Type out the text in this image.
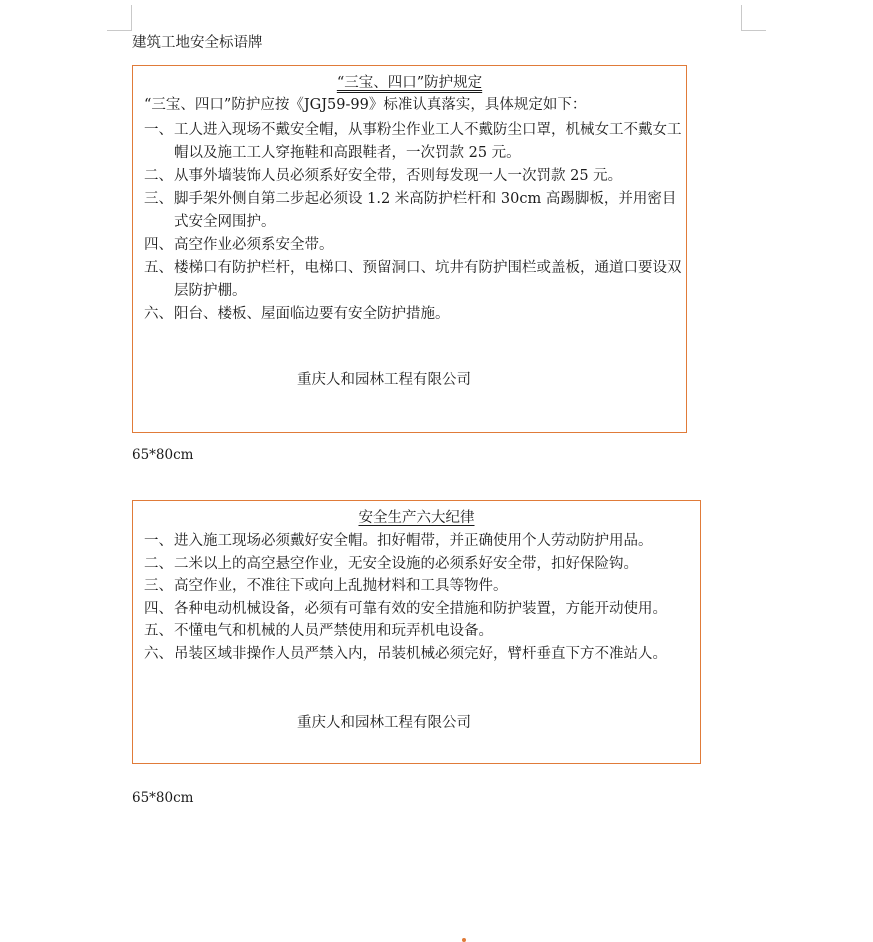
建筑工地安全标语牌
“三宝、四口”防护规定
“三宝、四口”防护应按《JGJ59-99》标准认真落实，具体规定如下：
一、 工人进入现场不戴安全帽，从事粉尘作业工人不戴防尘口罩，机械女工不戴女工帽以及施工工人穿拖鞋和高跟鞋者，一次罚款 25 元。
二、 从事外墙装饰人员必须系好安全带，否则每发现一人一次罚款 25 元。
三、 脚手架外侧自第二步起必须设 1.2 米高防护栏杆和 30cm 高踢脚板，并用密目式安全网围护。
四、 高空作业必须系安全带。
五、 楼梯口有防护栏杆，电梯口、预留洞口、坑井有防护围栏或盖板，通道口要设双层防护棚。
六、 阳台、楼板、屋面临边要有安全防护措施。
重庆人和园林工程有限公司
65*80cm
安全生产六大纪律
一、 进入施工现场必须戴好安全帽。扣好帽带，并正确使用个人劳动防护用品。
二、 二米以上的高空悬空作业，无安全设施的必须系好安全带，扣好保险钩。
三、 高空作业，不准往下或向上乱抛材料和工具等物件。
四、 各种电动机械设备，必须有可靠有效的安全措施和防护装置，方能开动使用。
五、 不懂电气和机械的人员严禁使用和玩弄机电设备。
六、 吊装区域非操作人员严禁入内，吊装机械必须完好，臂杆垂直下方不准站人。
重庆人和园林工程有限公司
65*80cm
